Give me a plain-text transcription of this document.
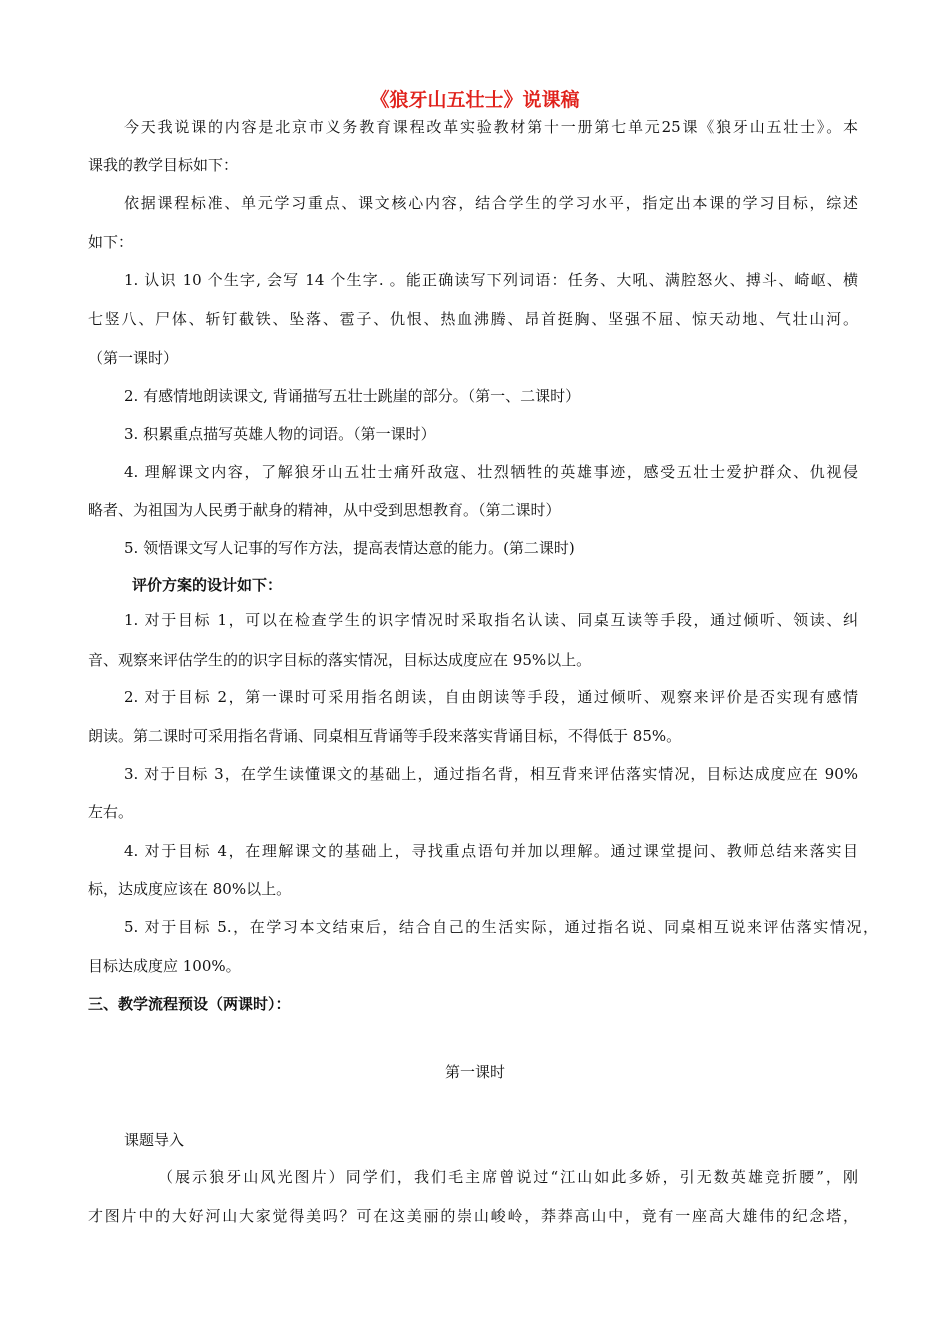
《狼牙山五壮士》说课稿
今天我说课的内容是北京市义务教育课程改革实验教材第十一册第七单元25课《狼牙山五壮士》。本
课我的教学目标如下：
依据课程标准、单元学习重点、课文核心内容，结合学生的学习水平，指定出本课的学习目标，综述
如下：
1. 认识 10 个生字, 会写 14 个生字. 。能正确读写下列词语：任务、大吼、满腔怒火、搏斗、崎岖、横
七竖八、尸体、斩钉截铁、坠落、雹子、仇恨、热血沸腾、昂首挺胸、坚强不屈、惊天动地、气壮山河。
（第一课时）
2. 有感情地朗读课文, 背诵描写五壮士跳崖的部分。（第一、二课时）
3. 积累重点描写英雄人物的词语。（第一课时）
4. 理解课文内容，了解狼牙山五壮士痛歼敌寇、壮烈牺牲的英雄事迹，感受五壮士爱护群众、仇视侵
略者、为祖国为人民勇于献身的精神，从中受到思想教育。（第二课时）
5. 领悟课文写人记事的写作方法，提高表情达意的能力。(第二课时)
评价方案的设计如下：
1. 对于目标 1，可以在检查学生的识字情况时采取指名认读、同桌互读等手段，通过倾听、领读、纠
音、观察来评估学生的的识字目标的落实情况，目标达成度应在 95%以上。
2. 对于目标 2，第一课时可采用指名朗读，自由朗读等手段，通过倾听、观察来评价是否实现有感情
朗读。第二课时可采用指名背诵、同桌相互背诵等手段来落实背诵目标，不得低于 85%。
3. 对于目标 3，在学生读懂课文的基础上，通过指名背，相互背来评估落实情况，目标达成度应在 90%
左右。
4. 对于目标 4，在理解课文的基础上，寻找重点语句并加以理解。通过课堂提问、教师总结来落实目
标，达成度应该在 80%以上。
5. 对于目标 5.，在学习本文结束后，结合自己的生活实际，通过指名说、同桌相互说来评估落实情况，
目标达成度应 100%。
三、教学流程预设（两课时）：
第一课时
课题导入
（展示狼牙山风光图片）同学们，我们毛主席曾说过“江山如此多娇，引无数英雄竞折腰”，刚
才图片中的大好河山大家觉得美吗？可在这美丽的崇山峻岭，莽莽高山中，竟有一座高大雄伟的纪念塔，
